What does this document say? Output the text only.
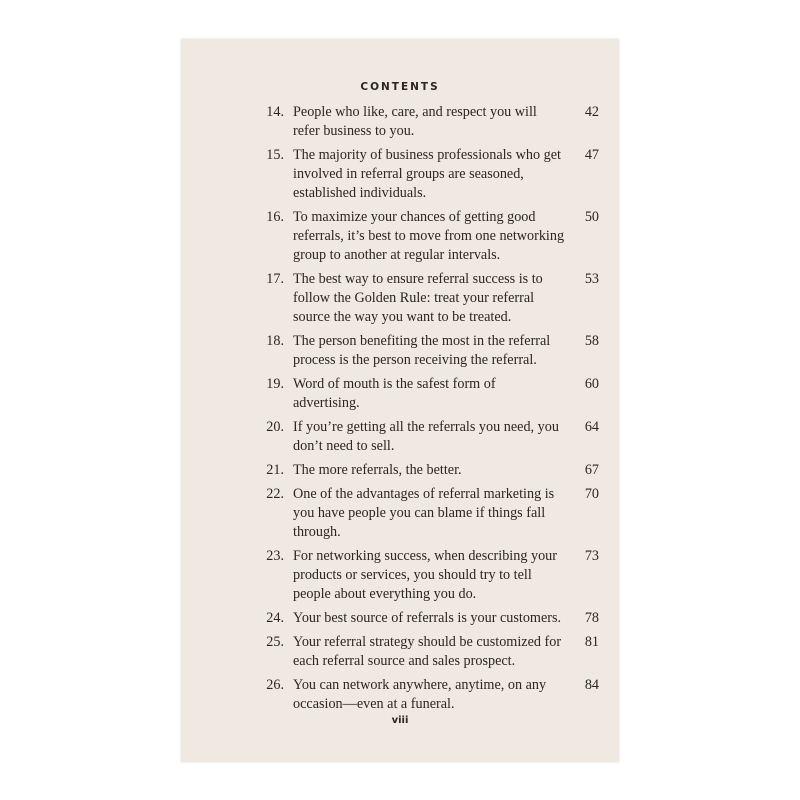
CONTENTS
14. People who like, care, and respect you will refer business to you.
42
15. The majority of business professionals who get involved in referral groups are seasoned, established individuals.
47
16. To maximize your chances of getting good referrals, it’s best to move from one networking group to another at regular intervals.
50
17. The best way to ensure referral success is to follow the Golden Rule: treat your referral source the way you want to be treated.
53
18. The person benefiting the most in the referral process is the person receiving the referral.
58
19. Word of mouth is the safest form of advertising.
60
20. If you’re getting all the referrals you need, you don’t need to sell.
64
21. The more referrals, the better.	67
22. One of the advantages of referral marketing is you have people you can blame if things fall through.
70
23. For networking success, when describing your products or services, you should try to tell people about everything you do.
73
24. Your best source of referrals is your customers.	78
25. Your referral strategy should be customized for each referral source and sales prospect.
81
26. You can network anywhere, anytime, on any occasion—even at a funeral.
84
viii
